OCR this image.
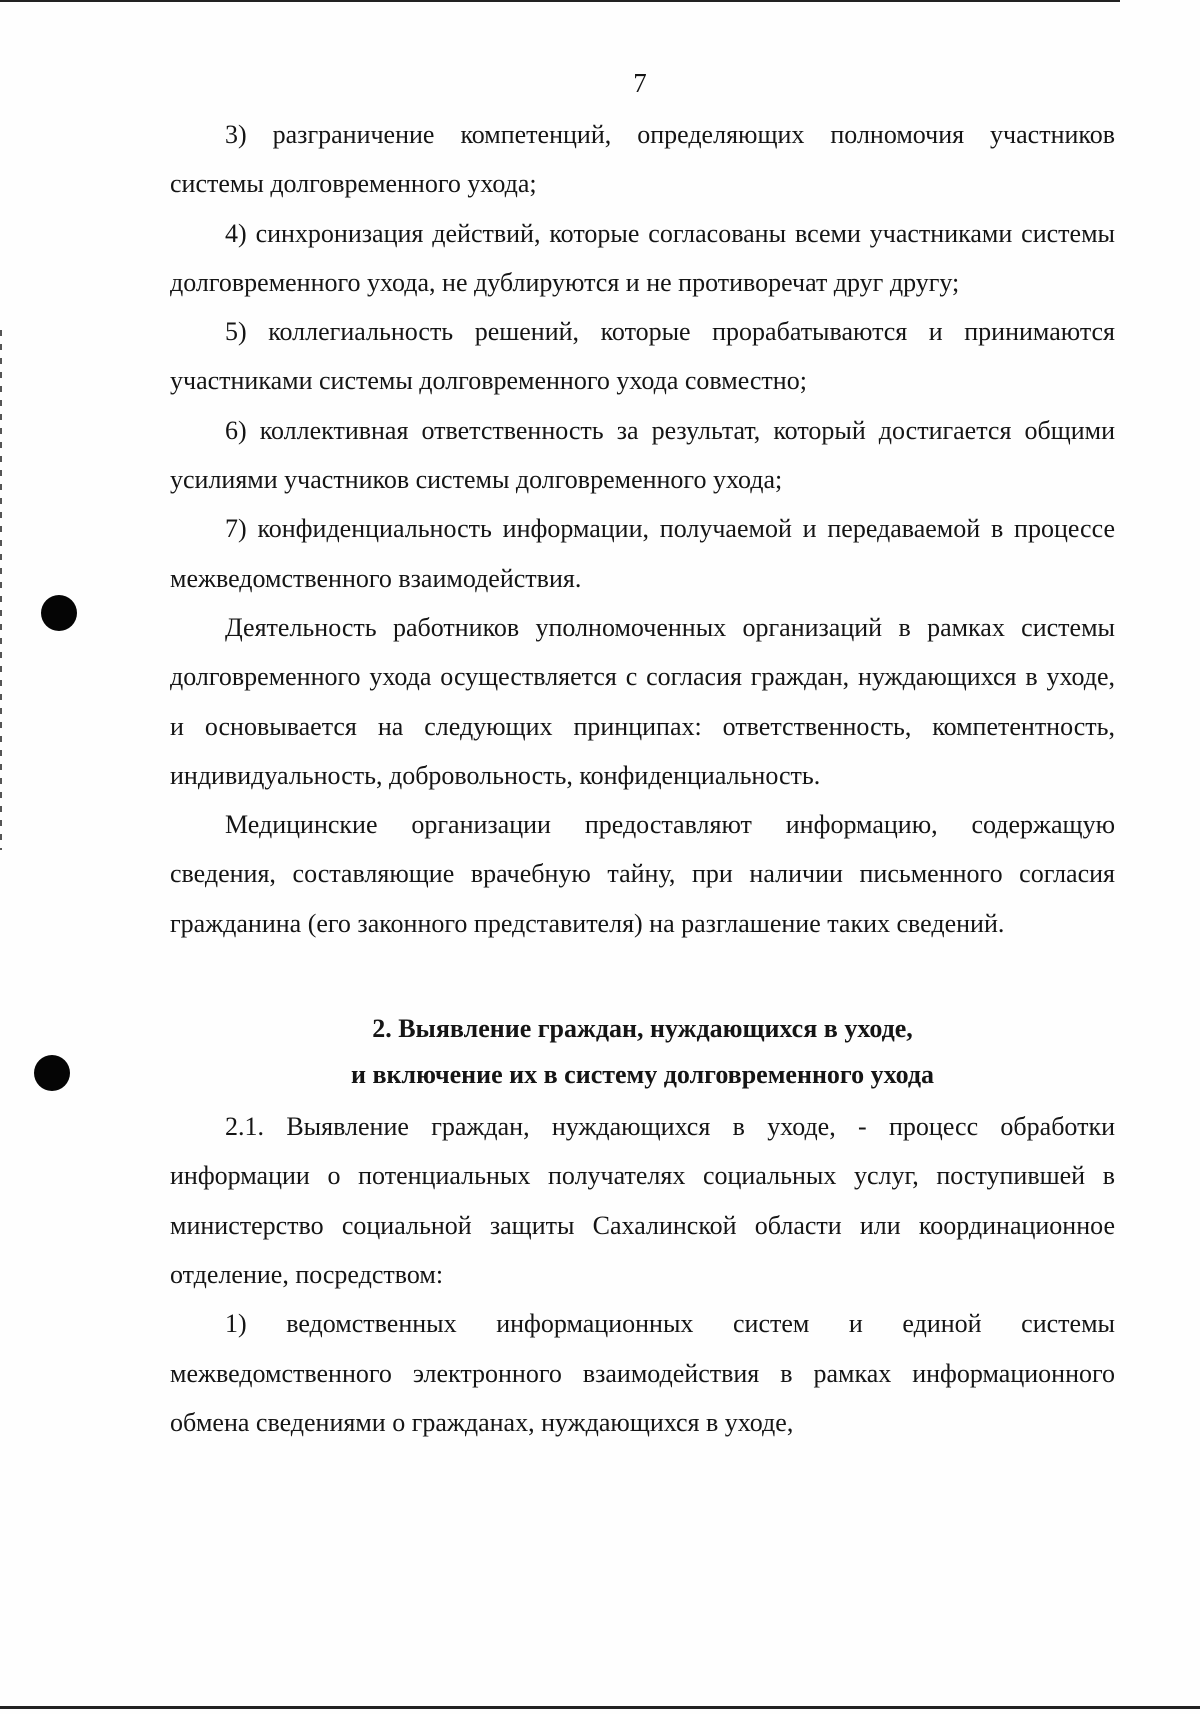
7

3) разграничение компетенций, определяющих полномочия участников системы долговременного ухода;

4) синхронизация действий, которые согласованы всеми участниками системы долговременного ухода, не дублируются и не противоречат друг другу;

5) коллегиальность решений, которые прорабатываются и принимаются участниками системы долговременного ухода совместно;

6) коллективная ответственность за результат, который достигается общими усилиями участников системы долговременного ухода;

7) конфиденциальность информации, получаемой и передаваемой в процессе межведомственного взаимодействия.

Деятельность работников уполномоченных организаций в рамках системы долговременного ухода осуществляется с согласия граждан, нуждающихся в уходе, и основывается на следующих принципах: ответственность, компетентность, индивидуальность, добровольность, конфиденциальность.

Медицинские организации предоставляют информацию, содержащую сведения, составляющие врачебную тайну, при наличии письменного согласия гражданина (его законного представителя) на разглашение таких сведений.

2. Выявление граждан, нуждающихся в уходе,
и включение их в систему долговременного ухода

2.1. Выявление граждан, нуждающихся в уходе, - процесс обработки информации о потенциальных получателях социальных услуг, поступившей в министерство социальной защиты Сахалинской области или координационное отделение, посредством:

1) ведомственных информационных систем и единой системы межведомственного электронного взаимодействия в рамках информационного обмена сведениями о гражданах, нуждающихся в уходе,
